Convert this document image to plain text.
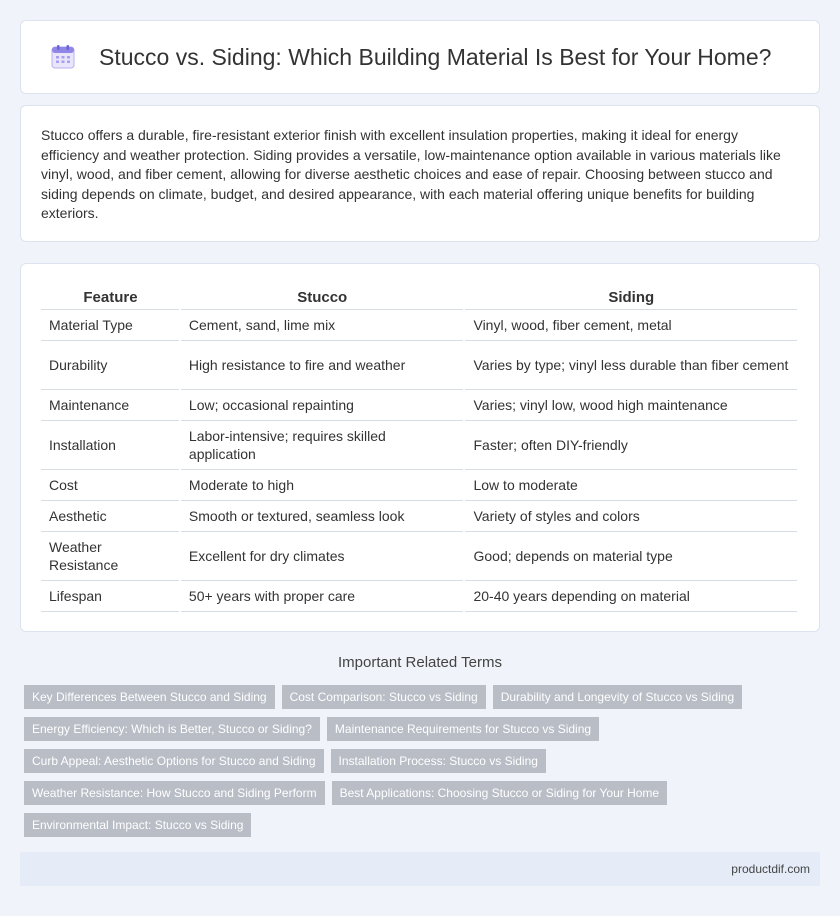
Stucco vs. Siding: Which Building Material Is Best for Your Home?

Stucco offers a durable, fire-resistant exterior finish with excellent insulation properties, making it ideal for energy efficiency and weather protection. Siding provides a versatile, low-maintenance option available in various materials like vinyl, wood, and fiber cement, allowing for diverse aesthetic choices and ease of repair. Choosing between stucco and siding depends on climate, budget, and desired appearance, with each material offering unique benefits for building exteriors.

Feature	Stucco	Siding
Material Type	Cement, sand, lime mix	Vinyl, wood, fiber cement, metal
Durability	High resistance to fire and weather	Varies by type; vinyl less durable than fiber cement
Maintenance	Low; occasional repainting	Varies; vinyl low, wood high maintenance
Installation	Labor-intensive; requires skilled application	Faster; often DIY-friendly
Cost	Moderate to high	Low to moderate
Aesthetic	Smooth or textured, seamless look	Variety of styles and colors
Weather Resistance	Excellent for dry climates	Good; depends on material type
Lifespan	50+ years with proper care	20-40 years depending on material
Important Related Terms
Key Differences Between Stucco and Siding	Cost Comparison: Stucco vs Siding	Durability and Longevity of Stucco vs Siding
Energy Efficiency: Which is Better, Stucco or Siding?	Maintenance Requirements for Stucco vs Siding
Curb Appeal: Aesthetic Options for Stucco and Siding	Installation Process: Stucco vs Siding
Weather Resistance: How Stucco and Siding Perform	Best Applications: Choosing Stucco or Siding for Your Home
Environmental Impact: Stucco vs Siding
productdif.com
